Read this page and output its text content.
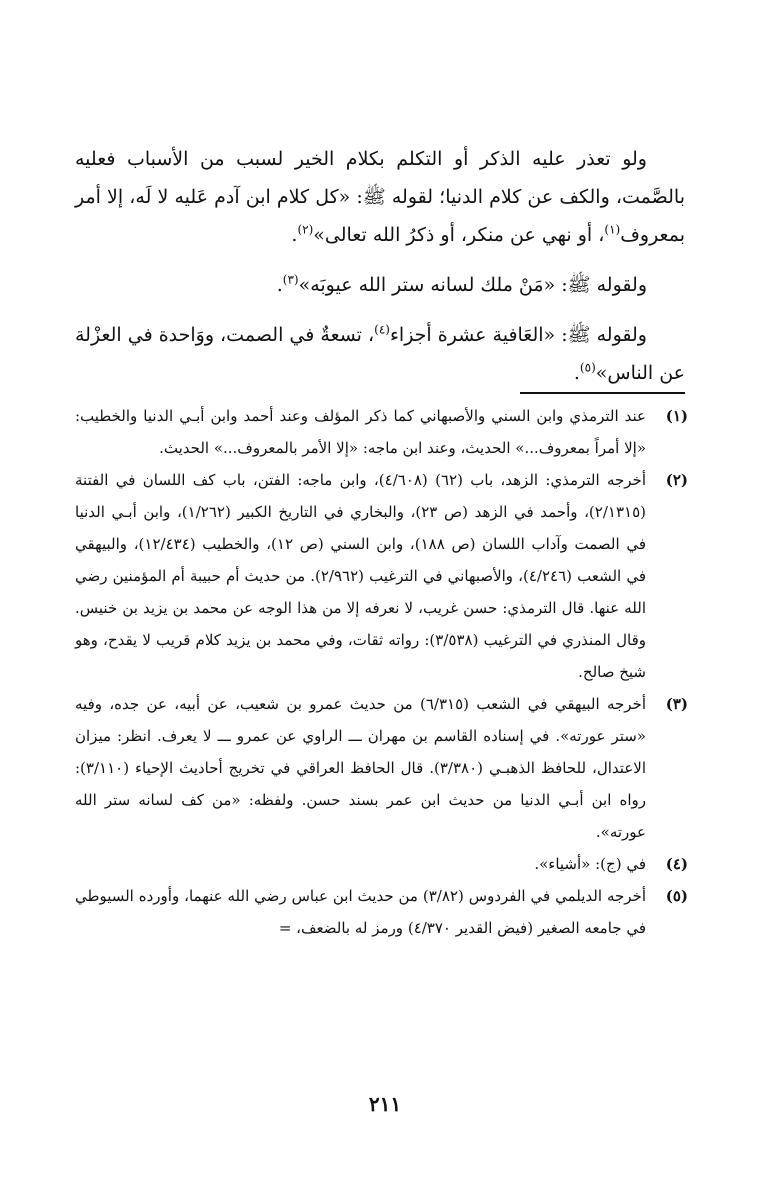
ولو تعذر عليه الذكر أو التكلم بكلام الخير لسبب من الأسباب فعليه بالصَّمت، والكف عن كلام الدنيا؛ لقوله ﷺ: «كل كلام ابن آدم عَليه لا لَه، إلا أمر بمعروف$^{(١)}$، أو نهي عن منكر، أو ذكرُ الله تعالى»$^{(٢)}$.

ولقوله ﷺ: «مَنْ ملك لسانه ستر الله عيوبَه»$^{(٣)}$.

ولقوله ﷺ: «العَافية عشرة أجزاء$^{(٤)}$، تسعةٌ في الصمت، ووَاحدة في العزْلة عن الناس»$^{(٥)}$.

(١)
عند الترمذي وابن السني والأصبهاني كما ذكر المؤلف وعند أحمد وابن أبـي الدنيا والخطيب: «إلا أمراً بمعروف...» الحديث، وعند ابن ماجه: «إلا الأمر بالمعروف...» الحديث.
(٢)
أخرجه الترمذي: الزهد، باب (٦٢) (٤/٦٠٨)، وابن ماجه: الفتن، باب كف اللسان في الفتنة (٢/١٣١٥)، وأحمد في الزهد (ص ٢٣)، والبخاري في التاريخ الكبير (١/٢٦٢)، وابن أبـي الدنيا في الصمت وآداب اللسان (ص ١٨٨)، وابن السني (ص ١٢)، والخطيب (١٢/٤٣٤)، والبيهقي في الشعب (٤/٢٤٦)، والأصبهاني في الترغيب (٢/٩٦٢). من حديث أم حبيبة أم المؤمنين رضي الله عنها. قال الترمذي: حسن غريب، لا نعرفه إلا من هذا الوجه عن محمد بن يزيد بن خنيس. وقال المنذري في الترغيب (٣/٥٣٨): رواته ثقات، وفي محمد بن يزيد كلام قريب لا يقدح، وهو شيخ صالح.
(٣)
أخرجه البيهقي في الشعب (٦/٣١٥) من حديث عمرو بن شعيب، عن أبيه، عن جده، وفيه «ستر عورته». في إسناده القاسم بن مهران ـــ الراوي عن عمرو ـــ لا يعرف. انظر: ميزان الاعتدال، للحافظ الذهبـي (٣/٣٨٠). قال الحافظ العراقي في تخريج أحاديث الإحياء (٣/١١٠): رواه ابن أبـي الدنيا من حديث ابن عمر بسند حسن. ولفظه: «من كف لسانه ستر الله عورته».
(٤)
في (ج): «أشياء».
(٥)
أخرجه الديلمي في الفردوس (٣/٨٢) من حديث ابن عباس رضي الله عنهما، وأورده السيوطي في جامعه الصغير (فيض القدير ٤/٣٧٠) ورمز له بالضعف، =
٢١١
